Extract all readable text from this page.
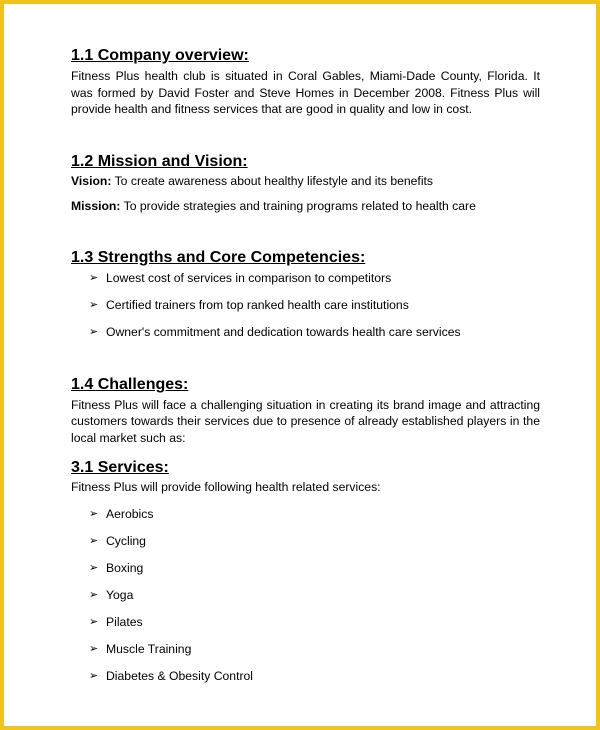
1.1 Company overview:

Fitness Plus health club is situated in Coral Gables, Miami-Dade County, Florida. It was formed by David Foster and Steve Homes in December 2008. Fitness Plus will provide health and fitness services that are good in quality and low in cost.

1.2 Mission and Vision:
Vision: To create awareness about healthy lifestyle and its benefits
Mission: To provide strategies and training programs related to health care
1.3 Strengths and Core Competencies:
➢ Lowest cost of services in comparison to competitors
➢ Certified trainers from top ranked health care institutions
➢ Owner's commitment and dedication towards health care services
1.4 Challenges:

Fitness Plus will face a challenging situation in creating its brand image and attracting customers towards their services due to presence of already established players in the local market such as:

3.1 Services:
Fitness Plus will provide following health related services:
➢ Aerobics
➢ Cycling
➢ Boxing
➢ Yoga
➢ Pilates
➢ Muscle Training
➢ Diabetes & Obesity Control
